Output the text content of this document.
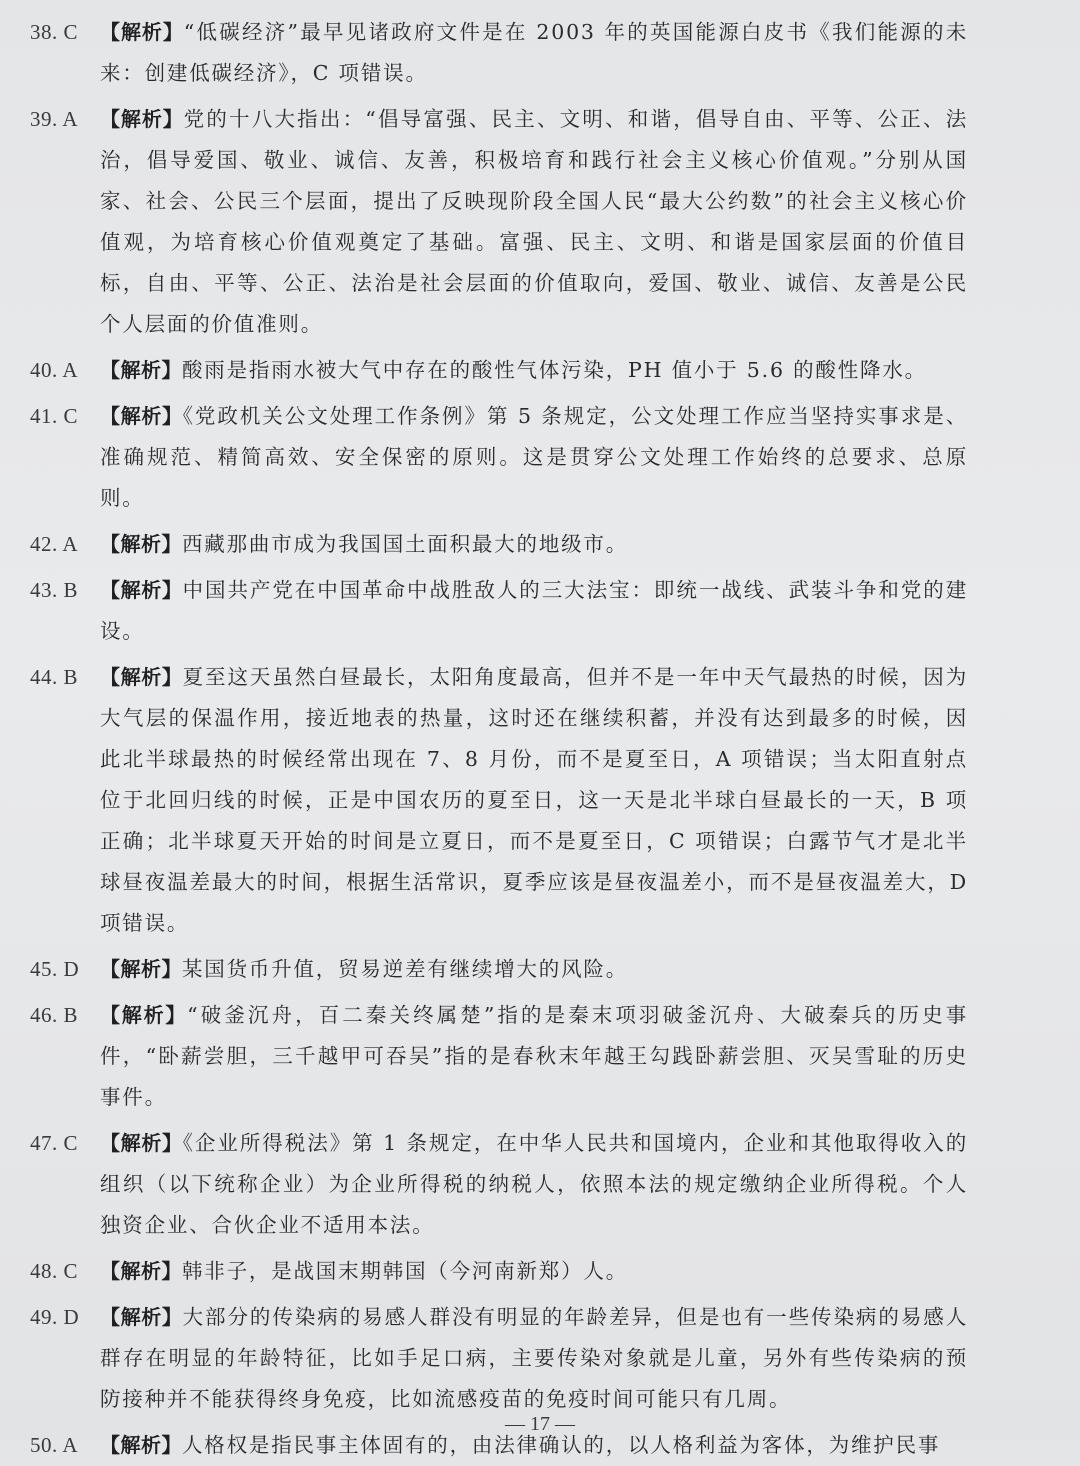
38. C	【解析】“低碳经济”最早见诸政府文件是在 2003 年的英国能源白皮书《我们能源的未来：创建低碳经济》，C 项错误。
39. A	【解析】党的十八大指出：“倡导富强、民主、文明、和谐，倡导自由、平等、公正、法治，倡导爱国、敬业、诚信、友善，积极培育和践行社会主义核心价值观。”分别从国家、社会、公民三个层面，提出了反映现阶段全国人民“最大公约数”的社会主义核心价值观，为培育核心价值观奠定了基础。富强、民主、文明、和谐是国家层面的价值目标，自由、平等、公正、法治是社会层面的价值取向，爱国、敬业、诚信、友善是公民个人层面的价值准则。
40. A	【解析】酸雨是指雨水被大气中存在的酸性气体污染，PH 值小于 5.6 的酸性降水。
41. C	【解析】《党政机关公文处理工作条例》第 5 条规定，公文处理工作应当坚持实事求是、准确规范、精简高效、安全保密的原则。这是贯穿公文处理工作始终的总要求、总原则。
42. A	【解析】西藏那曲市成为我国国土面积最大的地级市。
43. B	【解析】中国共产党在中国革命中战胜敌人的三大法宝：即统一战线、武装斗争和党的建设。
44. B	【解析】夏至这天虽然白昼最长，太阳角度最高，但并不是一年中天气最热的时候，因为大气层的保温作用，接近地表的热量，这时还在继续积蓄，并没有达到最多的时候，因此北半球最热的时候经常出现在 7、8 月份，而不是夏至日，A 项错误；当太阳直射点位于北回归线的时候，正是中国农历的夏至日，这一天是北半球白昼最长的一天，B 项正确；北半球夏天开始的时间是立夏日，而不是夏至日，C 项错误；白露节气才是北半球昼夜温差最大的时间，根据生活常识，夏季应该是昼夜温差小，而不是昼夜温差大，D 项错误。
45. D	【解析】某国货币升值，贸易逆差有继续增大的风险。
46. B	【解析】“破釜沉舟，百二秦关终属楚”指的是秦末项羽破釜沉舟、大破秦兵的历史事件，“卧薪尝胆，三千越甲可吞吴”指的是春秋末年越王勾践卧薪尝胆、灭吴雪耻的历史事件。
47. C	【解析】《企业所得税法》第 1 条规定，在中华人民共和国境内，企业和其他取得收入的组织（以下统称企业）为企业所得税的纳税人，依照本法的规定缴纳企业所得税。个人独资企业、合伙企业不适用本法。
48. C	【解析】韩非子，是战国末期韩国（今河南新郑）人。
49. D	【解析】大部分的传染病的易感人群没有明显的年龄差异，但是也有一些传染病的易感人群存在明显的年龄特征，比如手足口病，主要传染对象就是儿童，另外有些传染病的预防接种并不能获得终身免疫，比如流感疫苗的免疫时间可能只有几周。
50. A	【解析】人格权是指民事主体固有的，由法律确认的，以人格利益为客体，为维护民事
— 17 —
